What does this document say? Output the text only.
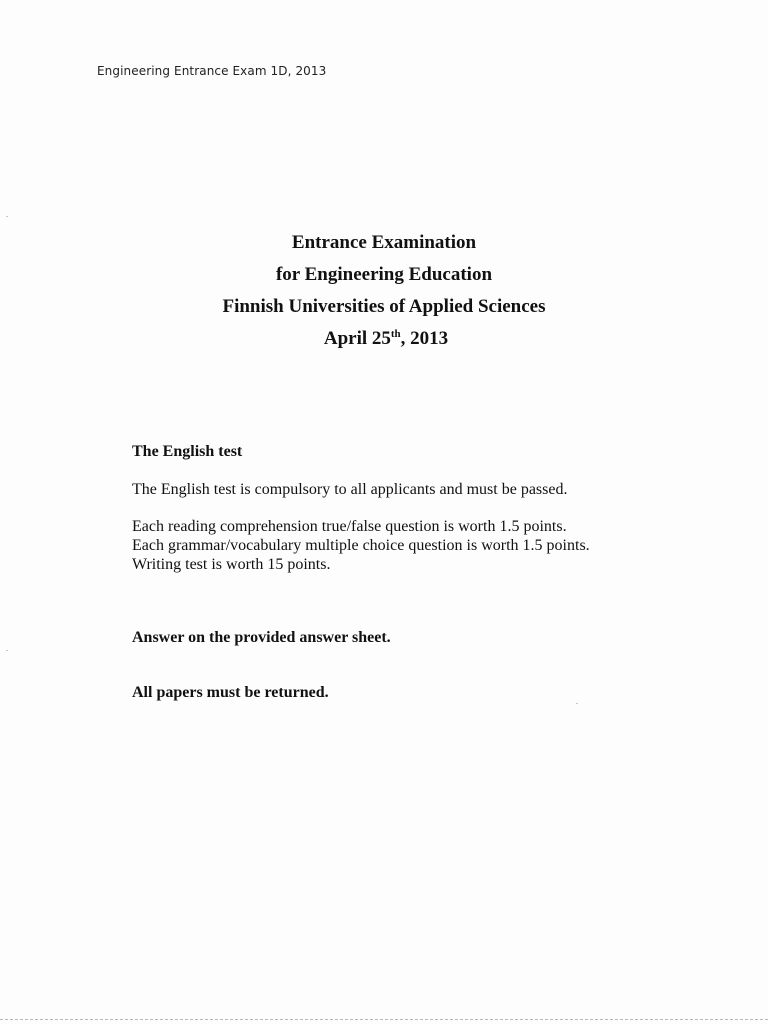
Engineering Entrance Exam 1D, 2013
Entrance Examination
for Engineering Education
Finnish Universities of Applied Sciences
April 25th, 2013
The English test
The English test is compulsory to all applicants and must be passed.
Each reading comprehension true/false question is worth 1.5 points.
Each grammar/vocabulary multiple choice question is worth 1.5 points.
Writing test is worth 15 points.
Answer on the provided answer sheet.
All papers must be returned.
